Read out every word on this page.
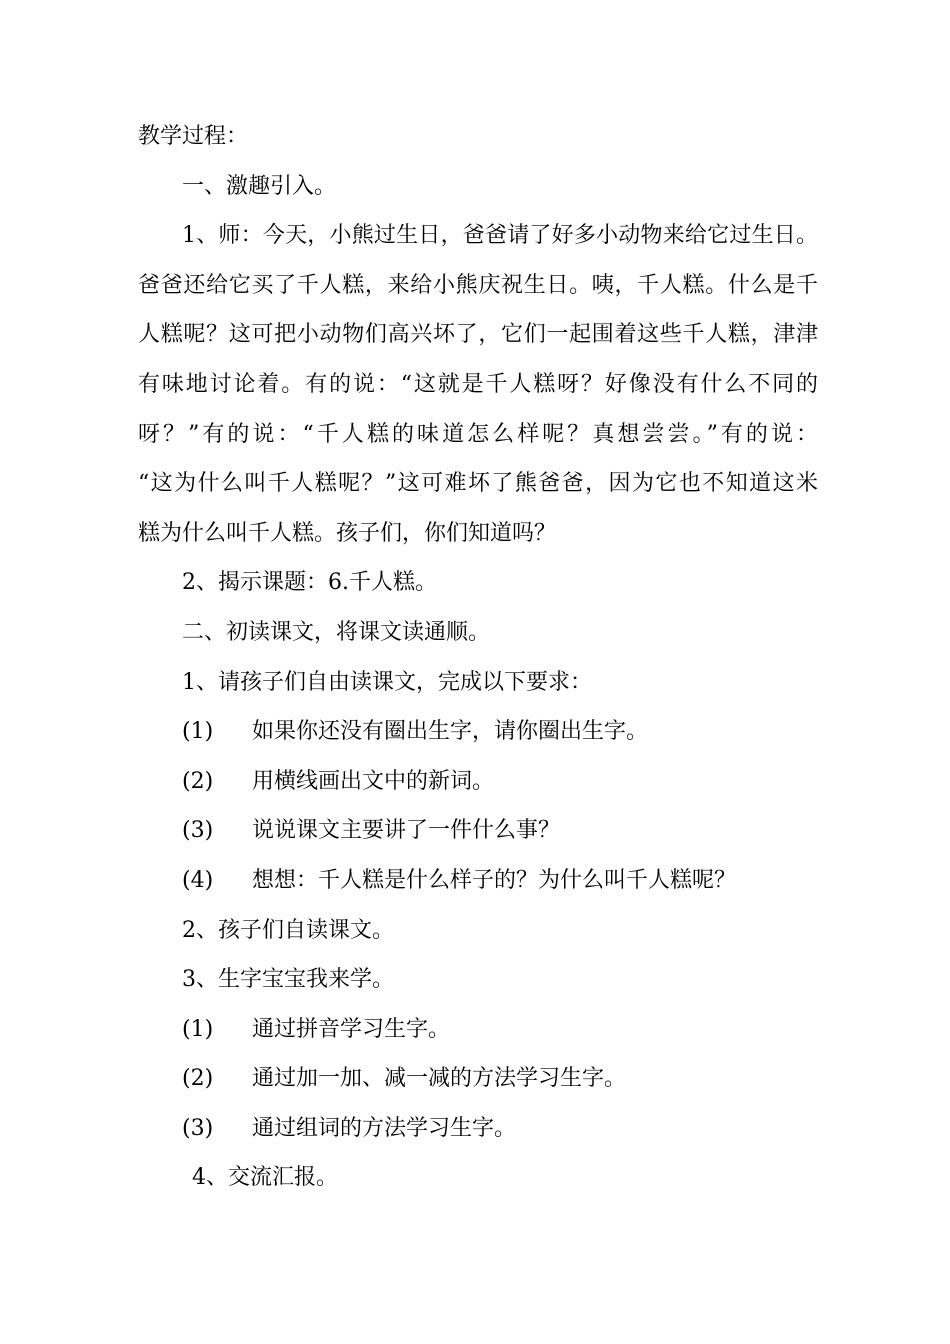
教学过程：

一、激趣引入。

1、师：今天，小熊过生日，爸爸请了好多小动物来给它过生日。

爸爸还给它买了千人糕，来给小熊庆祝生日。咦，千人糕。什么是千

人糕呢？这可把小动物们高兴坏了，它们一起围着这些千人糕，津津

有味地讨论着。有的说：“这就是千人糕呀？好像没有什么不同的

呀？”有的说：“千人糕的味道怎么样呢？真想尝尝。”有的说：

“这为什么叫千人糕呢？”这可难坏了熊爸爸，因为它也不知道这米

糕为什么叫千人糕。孩子们，你们知道吗？

2、揭示课题：6.千人糕。

二、初读课文，将课文读通顺。

1、请孩子们自由读课文，完成以下要求：

(1)	如果你还没有圈出生字，请你圈出生字。
(2)	用横线画出文中的新词。
(3)	说说课文主要讲了一件什么事？
(4)	想想：千人糕是什么样子的？为什么叫千人糕呢？

2、孩子们自读课文。

3、生字宝宝我来学。

(1)	通过拼音学习生字。
(2)	通过加一加、减一减的方法学习生字。
(3)	通过组词的方法学习生字。

4、交流汇报。
